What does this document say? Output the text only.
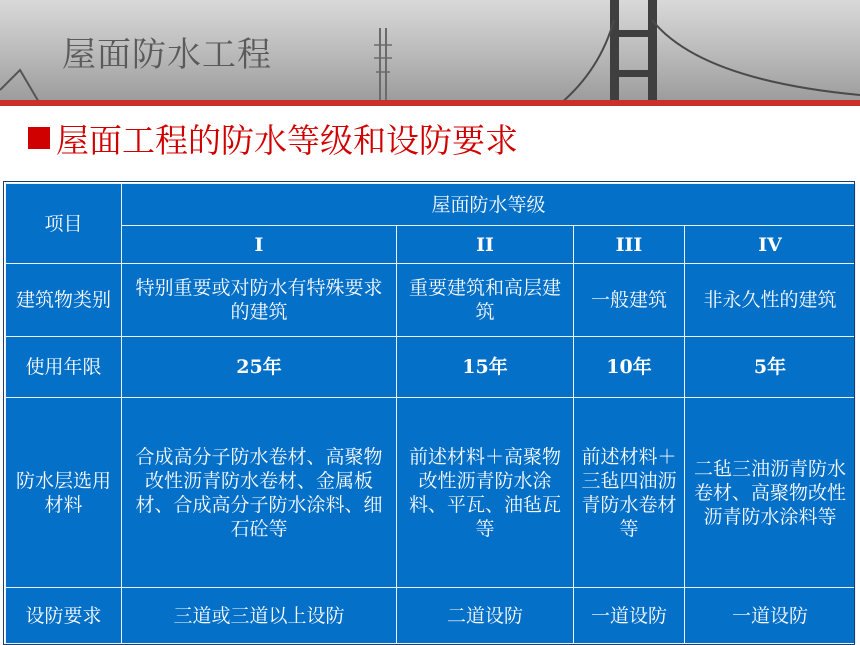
屋面防水工程
屋面工程的防水等级和设防要求
项目	屋面防水等级			
	I	II	III	IV
建筑物类别	特别重要或对防水有特殊要求的建筑	重要建筑和高层建筑	一般建筑	非永久性的建筑
使用年限	25年	15年	10年	5年
防水层选用材料	合成高分子防水卷材、高聚物改性沥青防水卷材、金属板材、合成高分子防水涂料、细石砼等	前述材料＋高聚物改性沥青防水涂料、平瓦、油毡瓦等	前述材料＋三毡四油沥青防水卷材等	二毡三油沥青防水卷材、高聚物改性沥青防水涂料等
设防要求	三道或三道以上设防	二道设防	一道设防	一道设防
